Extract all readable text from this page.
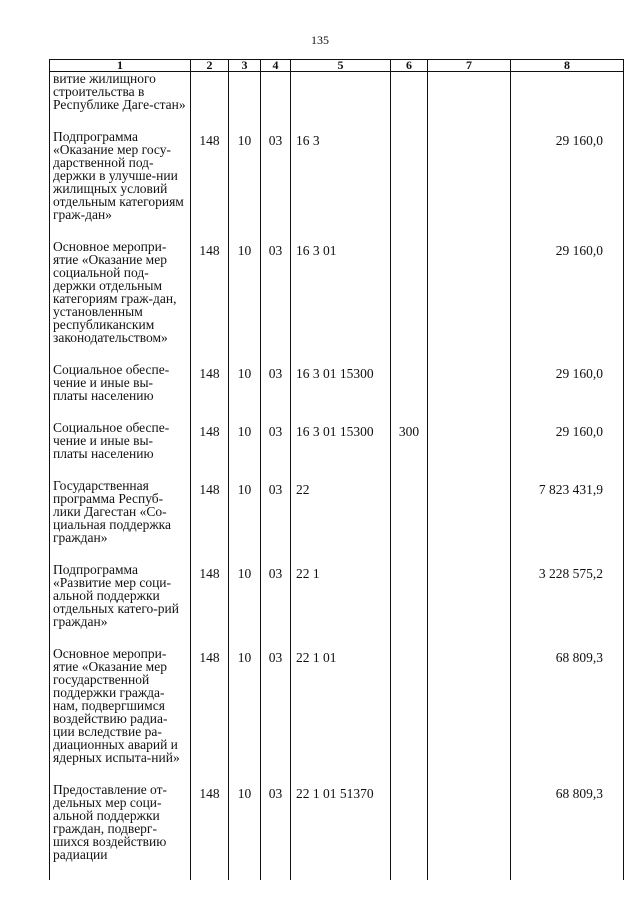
135
1	2	3	4	5	6	7	8
витие жилищного строительства в Республике Даге-стан»							
Подпрограмма «Оказание мер госу-дарственной под-держки в улучше-нии жилищных условий отдельным категориям граж-дан»	148	10	03	16 3			29 160,0
Основное меропри-ятие «Оказание мер социальной под-держки отдельным категориям граж-дан, установленным республиканским законодательством»	148	10	03	16 3 01			29 160,0
Социальное обеспе-чение и иные вы-платы населению	148	10	03	16 3 01 15300			29 160,0
Социальное обеспе-чение и иные вы-платы населению	148	10	03	16 3 01 15300	300		29 160,0
Государственная программа Респуб-лики Дагестан «Со-циальная поддержка граждан»	148	10	03	22			7 823 431,9
Подпрограмма «Развитие мер соци-альной поддержки отдельных катего-рий граждан»	148	10	03	22 1			3 228 575,2
Основное меропри-ятие «Оказание мер государственной поддержки гражда-нам, подвергшимся воздействию радиа-ции вследствие ра-диационных аварий и ядерных испыта-ний»	148	10	03	22 1 01			68 809,3
Предоставление от-дельных мер соци-альной поддержки граждан, подверг-шихся воздействию радиации	148	10	03	22 1 01 51370			68 809,3
